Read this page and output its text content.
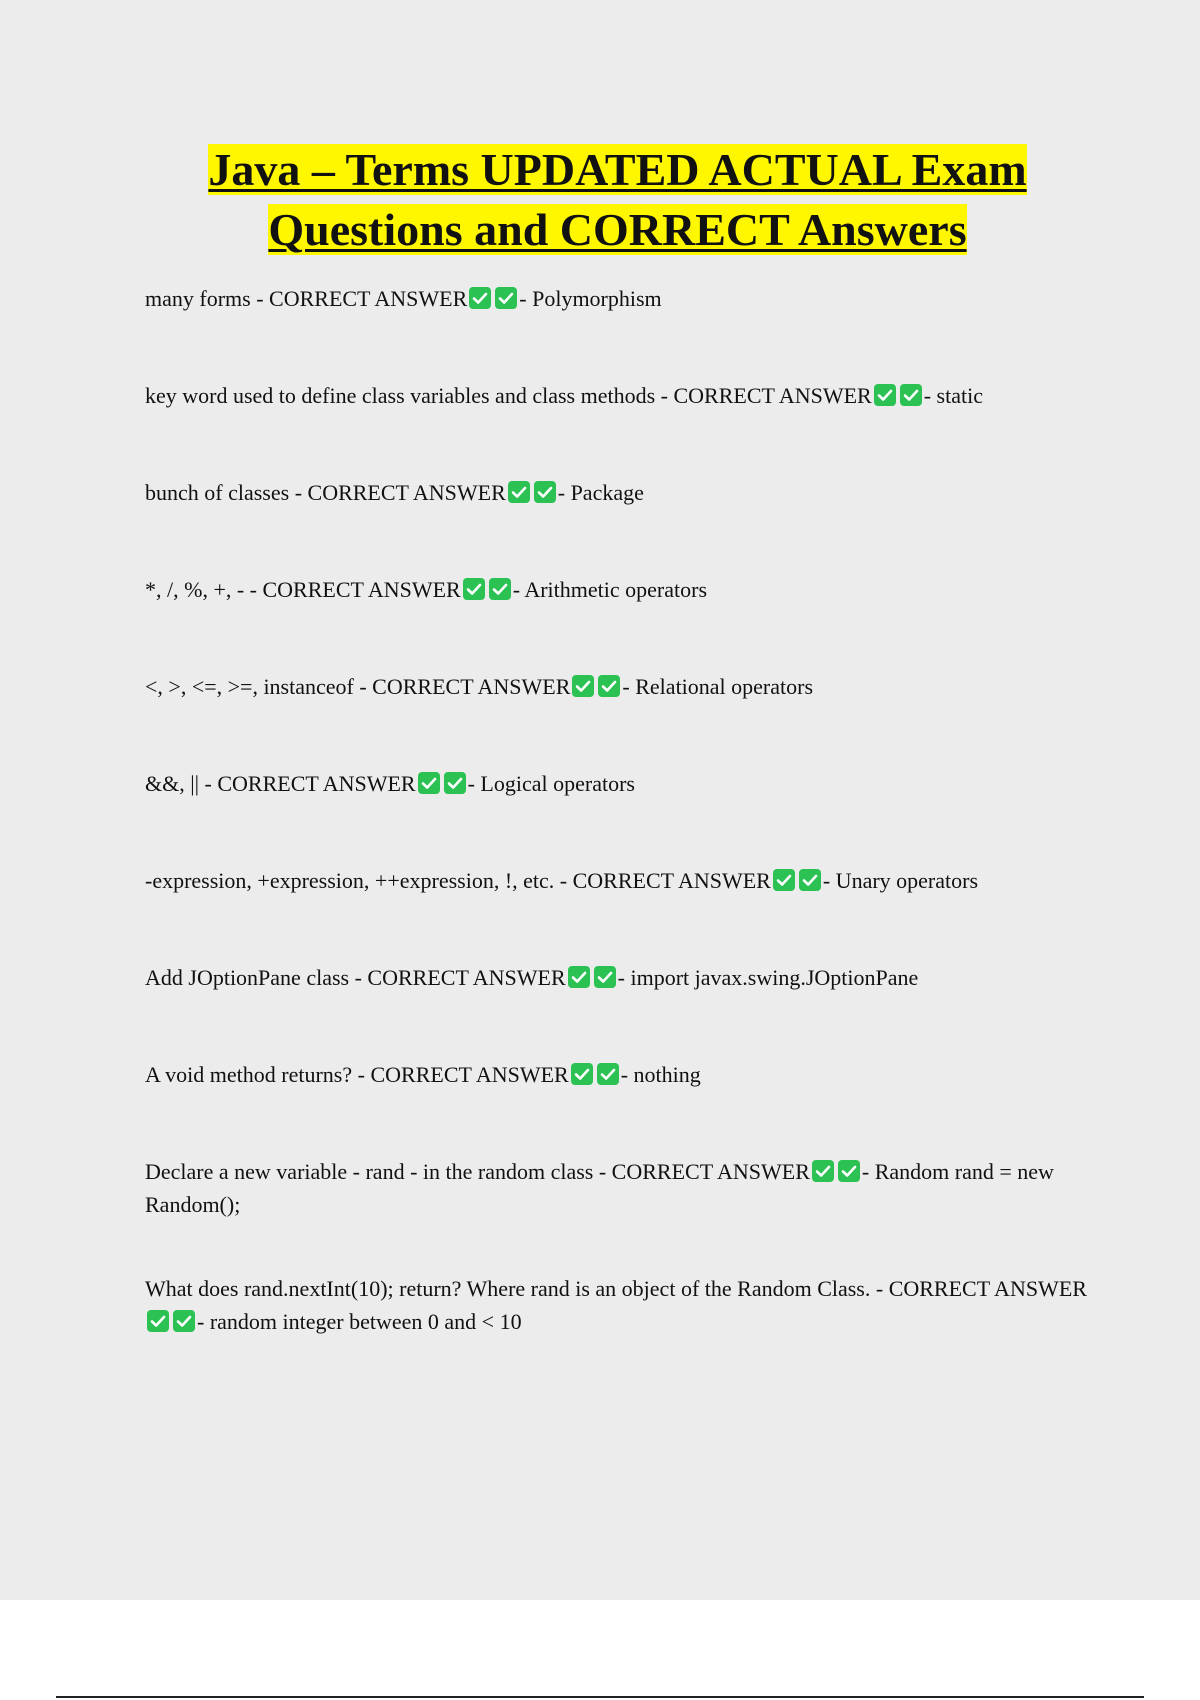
Java – Terms UPDATED ACTUAL Exam
Questions and CORRECT Answers

many forms - CORRECT ANSWER - Polymorphism

key word used to define class variables and class methods - CORRECT ANSWER - static

bunch of classes - CORRECT ANSWER - Package

*, /, %, +, - - CORRECT ANSWER - Arithmetic operators

<, >, <=, >=, instanceof - CORRECT ANSWER - Relational operators

&&, || - CORRECT ANSWER - Logical operators

-expression, +expression, ++expression, !, etc. - CORRECT ANSWER - Unary operators

Add JOptionPane class - CORRECT ANSWER - import javax.swing.JOptionPane

A void method returns? - CORRECT ANSWER - nothing

Declare a new variable - rand - in the random class - CORRECT ANSWER - Random rand = new Random();

What does rand.nextInt(10); return? Where rand is an object of the Random Class. - CORRECT ANSWER
- random integer between 0 and < 10
